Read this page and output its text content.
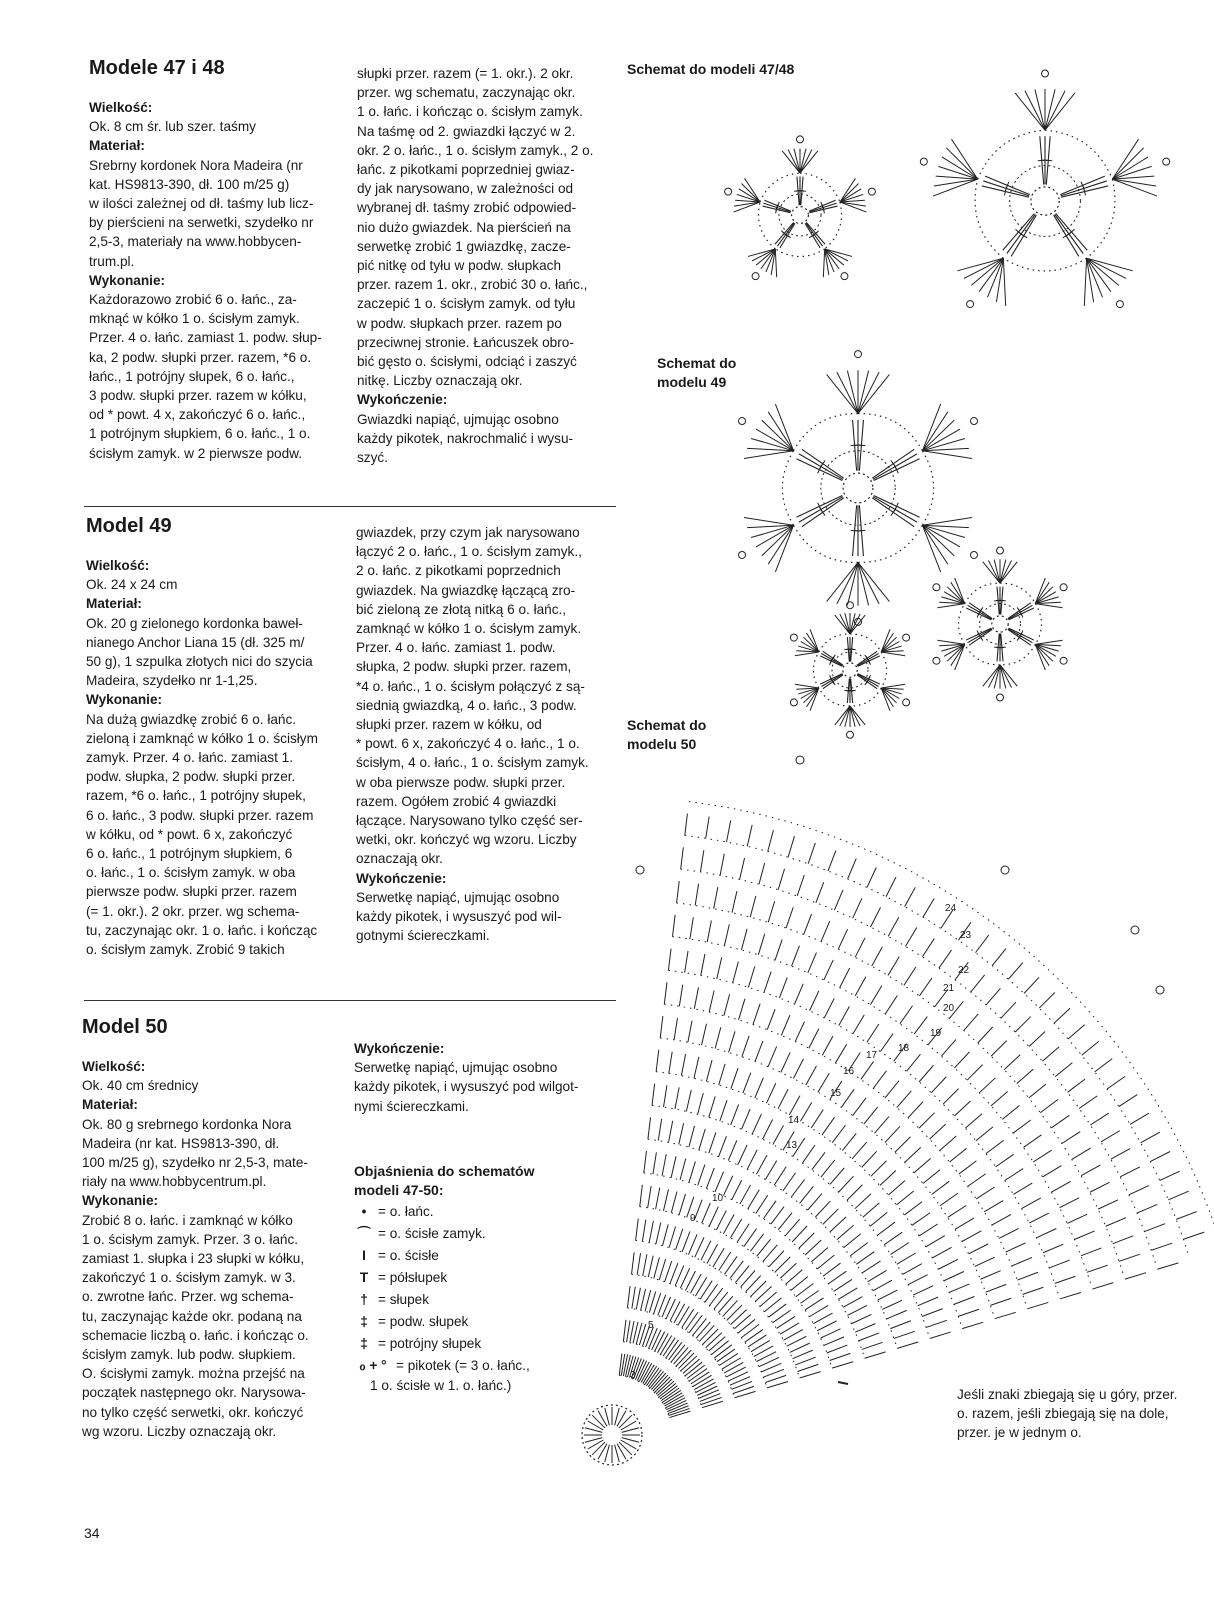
Modele 47 i 48

Wielkość:

Ok. 8 cm śr. lub szer. taśmy

Materiał:

Srebrny kordonek Nora Madeira (nr
kat. HS9813-390, dł. 100 m/25 g)
w ilości zależnej od dł. taśmy lub licz-
by pierścieni na serwetki, szydełko nr
2,5-3, materiały na www.hobbycen-
trum.pl.

Wykonanie:

Każdorazowo zrobić 6 o. łańc., za-
mknąć w kółko 1 o. ścisłym zamyk.
Przer. 4 o. łańc. zamiast 1. podw. słup-
ka, 2 podw. słupki przer. razem, *6 o.
łańc., 1 potrójny słupek, 6 o. łańc.,
3 podw. słupki przer. razem w kółku,
od * powt. 4 x, zakończyć 6 o. łańc.,
1 potrójnym słupkiem, 6 o. łańc., 1 o.
ścisłym zamyk. w 2 pierwsze podw.
słupki przer. razem (= 1. okr.). 2 okr.
przer. wg schematu, zaczynając okr.
1 o. łańc. i kończąc o. ścisłym zamyk.
Na taśmę od 2. gwiazdki łączyć w 2.
okr. 2 o. łańc., 1 o. ścisłym zamyk., 2 o.
łańc. z pikotkami poprzedniej gwiaz-
dy jak narysowano, w zależności od
wybranej dł. taśmy zrobić odpowied-
nio dużo gwiazdek. Na pierścień na
serwetkę zrobić 1 gwiazdkę, zacze-
pić nitkę od tyłu w podw. słupkach
przer. razem 1. okr., zrobić 30 o. łańc.,
zaczepić 1 o. ścisłym zamyk. od tyłu
w podw. słupkach przer. razem po
przeciwnej stronie. Łańcuszek obro-
bić gęsto o. ścisłymi, odciąć i zaszyć
nitkę. Liczby oznaczają okr.

Wykończenie:

Gwiazdki napiąć, ujmując osobno
każdy pikotek, nakrochmalić i wysu-
szyć.
Model 49

Wielkość:

Ok. 24 x 24 cm

Materiał:

Ok. 20 g zielonego kordonka baweł-
nianego Anchor Liana 15 (dł. 325 m/
50 g), 1 szpulka złotych nici do szycia
Madeira, szydełko nr 1-1,25.

Wykonanie:

Na dużą gwiazdkę zrobić 6 o. łańc.
zieloną i zamknąć w kółko 1 o. ścisłym
zamyk. Przer. 4 o. łańc. zamiast 1.
podw. słupka, 2 podw. słupki przer.
razem, *6 o. łańc., 1 potrójny słupek,
6 o. łańc., 3 podw. słupki przer. razem
w kółku, od * powt. 6 x, zakończyć
6 o. łańc., 1 potrójnym słupkiem, 6
o. łańc., 1 o. ścisłym zamyk. w oba
pierwsze podw. słupki przer. razem
(= 1. okr.). 2 okr. przer. wg schema-
tu, zaczynając okr. 1 o. łańc. i kończąc
o. ścisłym zamyk. Zrobić 9 takich
gwiazdek, przy czym jak narysowano
łączyć 2 o. łańc., 1 o. ścisłym zamyk.,
2 o. łańc. z pikotkami poprzednich
gwiazdek. Na gwiazdkę łączącą zro-
bić zieloną ze złotą nitką 6 o. łańc.,
zamknąć w kółko 1 o. ścisłym zamyk.
Przer. 4 o. łańc. zamiast 1. podw.
słupka, 2 podw. słupki przer. razem,
*4 o. łańc., 1 o. ścisłym połączyć z są-
siednią gwiazdką, 4 o. łańc., 3 podw.
słupki przer. razem w kółku, od
* powt. 6 x, zakończyć 4 o. łańc., 1 o.
ścisłym, 4 o. łańc., 1 o. ścisłym zamyk.
w oba pierwsze podw. słupki przer.
razem. Ogółem zrobić 4 gwiazdki
łączące. Narysowano tylko część ser-
wetki, okr. kończyć wg wzoru. Liczby
oznaczają okr.

Wykończenie:

Serwetkę napiąć, ujmując osobno
każdy pikotek, i wysuszyć pod wil-
gotnymi ściereczkami.
Model 50

Wielkość:

Ok. 40 cm średnicy

Materiał:

Ok. 80 g srebrnego kordonka Nora
Madeira (nr kat. HS9813-390, dł.
100 m/25 g), szydełko nr 2,5-3, mate-
riały na www.hobbycentrum.pl.

Wykonanie:

Zrobić 8 o. łańc. i zamknąć w kółko
1 o. ścisłym zamyk. Przer. 3 o. łańc.
zamiast 1. słupka i 23 słupki w kółku,
zakończyć 1 o. ścisłym zamyk. w 3.
o. zwrotne łańc. Przer. wg schema-
tu, zaczynając każde okr. podaną na
schemacie liczbą o. łańc. i kończąc o.
ścisłym zamyk. lub podw. słupkiem.
O. ścisłymi zamyk. można przejść na
początek następnego okr. Narysowa-
no tylko część serwetki, okr. kończyć
wg wzoru. Liczby oznaczają okr.

Wykończenie:

Serwetkę napiąć, ujmując osobno
każdy pikotek, i wysuszyć pod wilgot-
nymi ściereczkami.
Objaśnienia do schematów
modeli 47-50:
• = o. łańc.
⌒ = o. ścisłe zamyk.
I = o. ścisłe
T = półsłupek
† = słupek
‡ = podw. słupek
‡ = potrójny słupek
ℴ + ° = pikotek (= 3 o. łańc.,
1 o. ścisłe w 1. o. łańc.)
34
Schemat do modeli 47/48
Schemat do
modelu 49
Schemat do
modelu 50
3
5
9
10
13
14
15
16
17
18
19
20
21
22
23
24
Jeśli znaki zbiegają się u góry, przer.
o. razem, jeśli zbiegają się na dole,
przer. je w jednym o.
